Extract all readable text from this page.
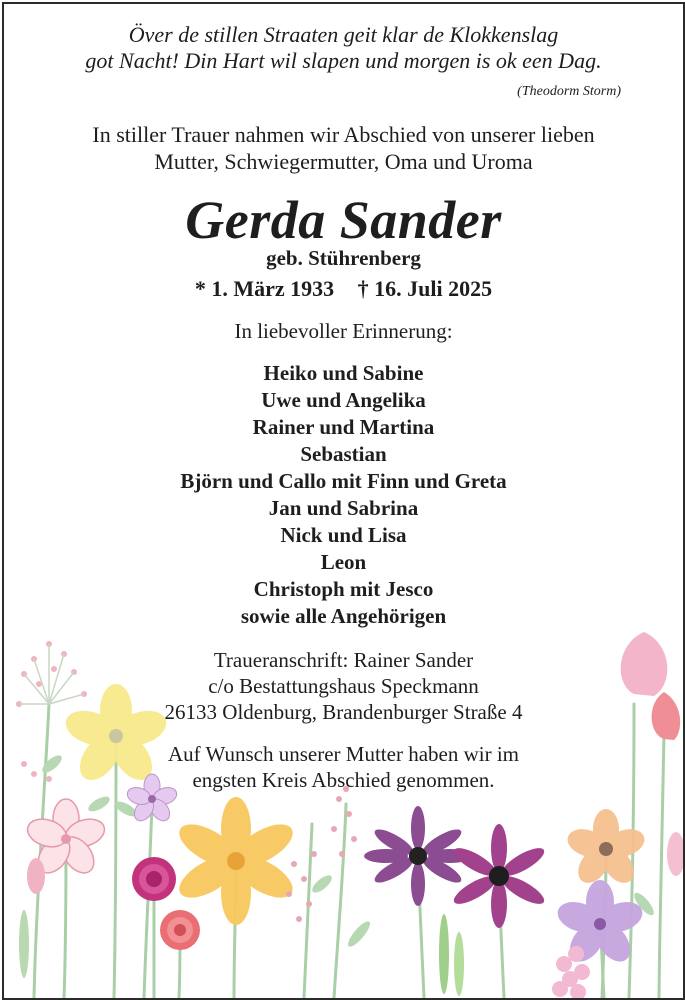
Över de stillen Straaten geit klar de Klokkenslag
got Nacht! Din Hart wil slapen und morgen is ok een Dag.
(Theodorm Storm)
In stiller Trauer nahmen wir Abschied von unserer lieben
Mutter, Schwiegermutter, Oma und Uroma
Gerda Sander
geb. Stührenberg
* 1. März 1933 † 16. Juli 2025
In liebevoller Erinnerung:
Heiko und Sabine
Uwe und Angelika
Rainer und Martina
Sebastian
Björn und Callo mit Finn und Greta
Jan und Sabrina
Nick und Lisa
Leon
Christoph mit Jesco
sowie alle Angehörigen
Traueranschrift: Rainer Sander
c/o Bestattungshaus Speckmann
26133 Oldenburg, Brandenburger Straße 4
Auf Wunsch unserer Mutter haben wir im
engsten Kreis Abschied genommen.
